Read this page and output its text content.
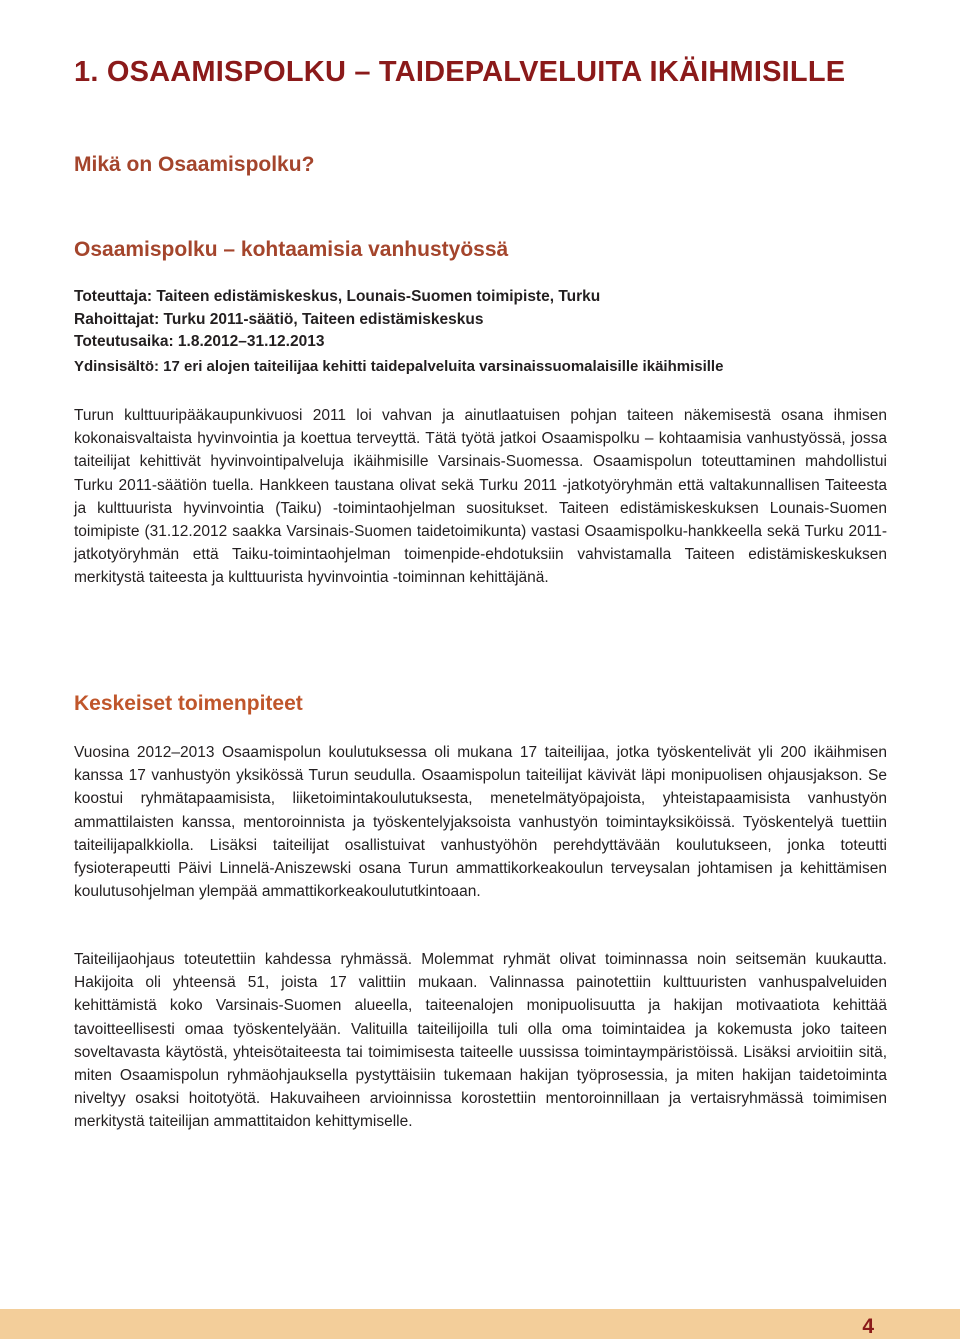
1. OSAAMISPOLKU – TAIDEPALVELUITA IKÄIHMISILLE
Mikä on Osaamispolku?
Osaamispolku – kohtaamisia vanhustyössä
Toteuttaja: Taiteen edistämiskeskus, Lounais-Suomen toimipiste, Turku
Rahoittajat: Turku 2011-säätiö, Taiteen edistämiskeskus
Toteutusaika: 1.8.2012–31.12.2013
Ydinsisältö: 17 eri alojen taiteilijaa kehitti taidepalveluita varsinaissuomalaisille ikäihmisille

Turun kulttuuripääkaupunkivuosi 2011 loi vahvan ja ainutlaatuisen pohjan taiteen näkemisestä osana ihmisen kokonaisvaltaista hyvinvointia ja koettua terveyttä. Tätä työtä jatkoi Osaamispolku – kohtaamisia vanhustyössä, jossa taiteilijat kehittivät hyvinvointipalveluja ikäihmisille Varsinais-Suomessa. Osaamispolun toteuttaminen mahdollistui Turku 2011-säätiön tuella. Hankkeen taustana olivat sekä Turku 2011 -jatkotyöryhmän että valtakunnallisen Taiteesta ja kulttuurista hyvinvointia (Taiku) -toimintaohjelman suositukset. Taiteen edistämiskeskuksen Lounais-Suomen toimipiste (31.12.2012 saakka Varsinais-Suomen taidetoimikunta) vastasi Osaamispolku-hankkeella sekä Turku 2011-jatkotyöryhmän että Taiku-toimintaohjelman toimenpide-ehdotuksiin vahvistamalla Taiteen edistämiskeskuksen merkitystä taiteesta ja kulttuurista hyvinvointia -toiminnan kehittäjänä.

Keskeiset toimenpiteet

Vuosina 2012–2013 Osaamispolun koulutuksessa oli mukana 17 taiteilijaa, jotka työskentelivät yli 200 ikäihmisen kanssa 17 vanhustyön yksikössä Turun seudulla. Osaamispolun taiteilijat kävivät läpi monipuolisen ohjausjakson. Se koostui ryhmätapaamisista, liiketoimintakoulutuksesta, menetelmätyöpajoista, yhteistapaamisista vanhustyön ammattilaisten kanssa, mentoroinnista ja työskentelyjaksoista vanhustyön toimintayksiköissä. Työskentelyä tuettiin taiteilijapalkkiolla. Lisäksi taiteilijat osallistuivat vanhustyöhön perehdyttävään koulutukseen, jonka toteutti fysioterapeutti Päivi Linnelä-Aniszewski osana Turun ammattikorkeakoulun terveysalan johtamisen ja kehittämisen koulutusohjelman ylempää ammattikorkeakoulututkintoaan.

Taiteilijaohjaus toteutettiin kahdessa ryhmässä. Molemmat ryhmät olivat toiminnassa noin seitsemän kuukautta. Hakijoita oli yhteensä 51, joista 17 valittiin mukaan. Valinnassa painotettiin kulttuuristen vanhuspalveluiden kehittämistä koko Varsinais-Suomen alueella, taiteenalojen monipuolisuutta ja hakijan motivaatiota kehittää tavoitteellisesti omaa työskentelyään. Valituilla taiteilijoilla tuli olla oma toimintaidea ja kokemusta joko taiteen soveltavasta käytöstä, yhteisötaiteesta tai toimimisesta taiteelle uussissa toimintaympäristöissä. Lisäksi arvioitiin sitä, miten Osaamispolun ryhmäohjauksella pystyttäisiin tukemaan hakijan työprosessia, ja miten hakijan taidetoiminta niveltyy osaksi hoitotyötä. Hakuvaiheen arvioinnissa korostettiin mentoroinnillaan ja vertaisryhmässä toimimisen merkitystä taiteilijan ammattitaidon kehittymiselle.

4
